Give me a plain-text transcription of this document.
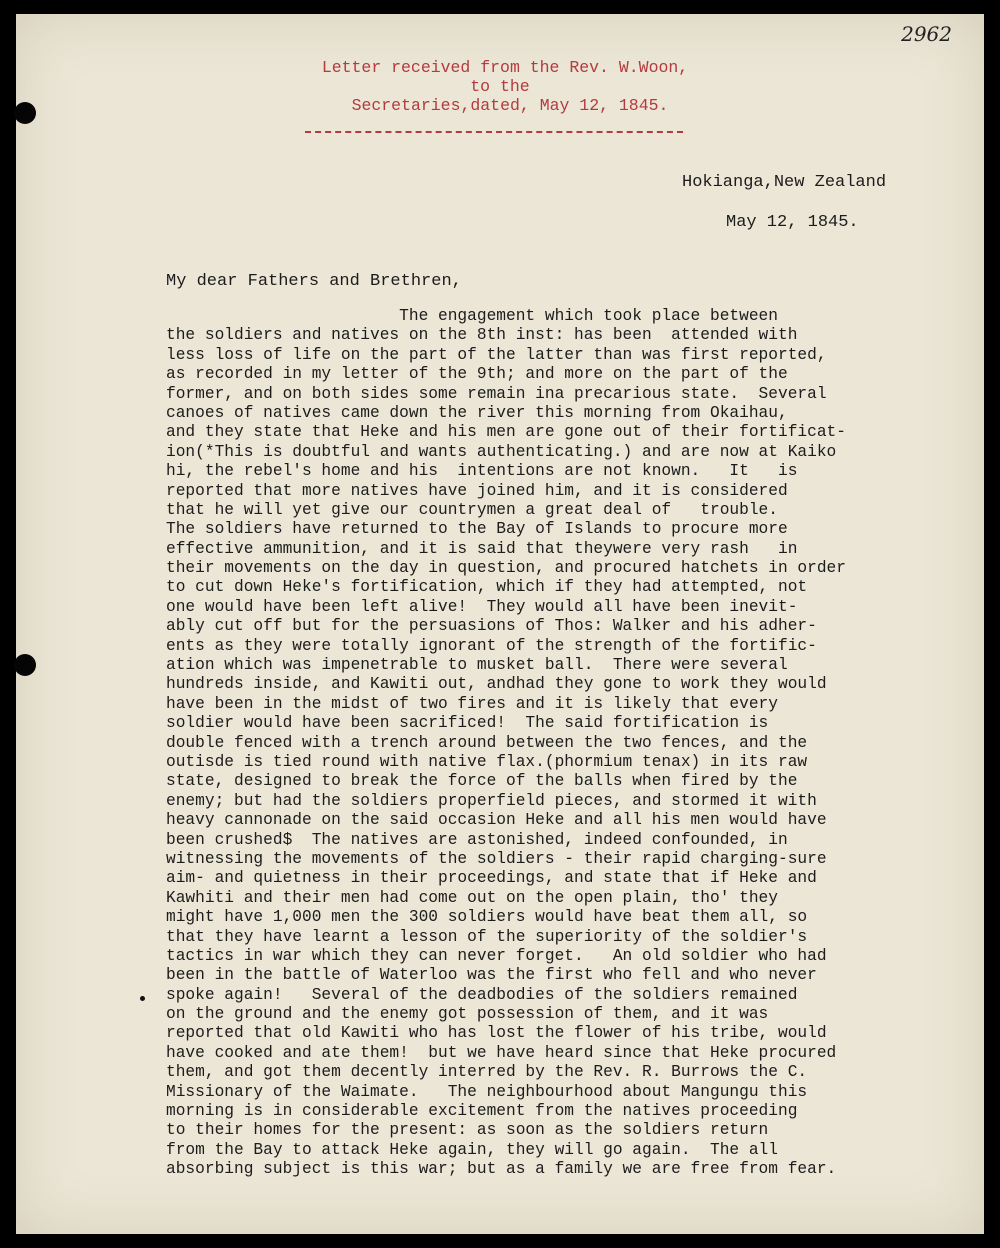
2962
Letter received from the Rev. W.Woon,
to the
Secretaries,dated, May 12, 1845.
Hokianga,New Zealand
May 12, 1845.
My dear Fathers and Brethren,
The engagement which took place between
the soldiers and natives on the 8th inst: has been  attended with
less loss of life on the part of the latter than was first reported,
as recorded in my letter of the 9th; and more on the part of the
former, and on both sides some remain ina precarious state.  Several
canoes of natives came down the river this morning from Okaihau,
and they state that Heke and his men are gone out of their fortificat-
ion(*This is doubtful and wants authenticating.) and are now at Kaiko
hi, the rebel's home and his  intentions are not known.   It   is
reported that more natives have joined him, and it is considered
that he will yet give our countrymen a great deal of   trouble.
The soldiers have returned to the Bay of Islands to procure more
effective ammunition, and it is said that theywere very rash   in
their movements on the day in question, and procured hatchets in order
to cut down Heke's fortification, which if they had attempted, not
one would have been left alive!  They would all have been inevit-
ably cut off but for the persuasions of Thos: Walker and his adher-
ents as they were totally ignorant of the strength of the fortific-
ation which was impenetrable to musket ball.  There were several
hundreds inside, and Kawiti out, andhad they gone to work they would
have been in the midst of two fires and it is likely that every
soldier would have been sacrificed!  The said fortification is
double fenced with a trench around between the two fences, and the
outisde is tied round with native flax.(phormium tenax) in its raw
state, designed to break the force of the balls when fired by the
enemy; but had the soldiers properfield pieces, and stormed it with
heavy cannonade on the said occasion Heke and all his men would have
been crushed$  The natives are astonished, indeed confounded, in
witnessing the movements of the soldiers - their rapid charging-sure
aim- and quietness in their proceedings, and state that if Heke and
Kawhiti and their men had come out on the open plain, tho' they
might have 1,000 men the 300 soldiers would have beat them all, so
that they have learnt a lesson of the superiority of the soldier's
tactics in war which they can never forget.   An old soldier who had
been in the battle of Waterloo was the first who fell and who never
spoke again!   Several of the deadbodies of the soldiers remained
on the ground and the enemy got possession of them, and it was
reported that old Kawiti who has lost the flower of his tribe, would
have cooked and ate them!  but we have heard since that Heke procured
them, and got them decently interred by the Rev. R. Burrows the C.
Missionary of the Waimate.   The neighbourhood about Mangungu this
morning is in considerable excitement from the natives proceeding
to their homes for the present: as soon as the soldiers return
from the Bay to attack Heke again, they will go again.  The all
absorbing subject is this war; but as a family we are free from fear.
